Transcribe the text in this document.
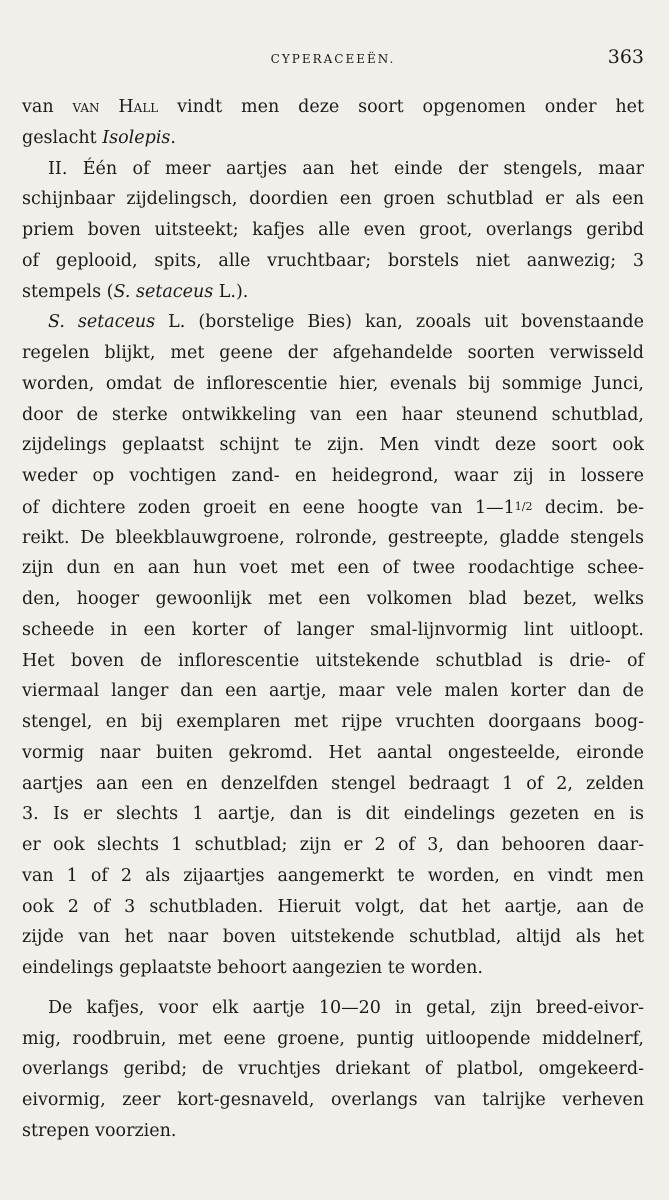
CYPERACEEËN.	363
van van Hall vindt men deze soort opgenomen onder het
geslacht Isolepis.
II. Één of meer aartjes aan het einde der stengels, maar
schijnbaar zijdelingsch, doordien een groen schutblad er als een
priem boven uitsteekt; kafjes alle even groot, overlangs geribd
of geplooid, spits, alle vruchtbaar; borstels niet aanwezig; 3
stempels (S. setaceus L.).
S. setaceus L. (borstelige Bies) kan, zooals uit bovenstaande
regelen blijkt, met geene der afgehandelde soorten verwisseld
worden, omdat de inflorescentie hier, evenals bij sommige Junci,
door de sterke ontwikkeling van een haar steunend schutblad,
zijdelings geplaatst schijnt te zijn. Men vindt deze soort ook
weder op vochtigen zand- en heidegrond, waar zij in lossere
of dichtere zoden groeit en eene hoogte van 1—11/2 decim. be-
reikt. De bleekblauwgroene, rolronde, gestreepte, gladde stengels
zijn dun en aan hun voet met een of twee roodachtige schee-
den, hooger gewoonlijk met een volkomen blad bezet, welks
scheede in een korter of langer smal-lijnvormig lint uitloopt.
Het boven de inflorescentie uitstekende schutblad is drie- of
viermaal langer dan een aartje, maar vele malen korter dan de
stengel, en bij exemplaren met rijpe vruchten doorgaans boog-
vormig naar buiten gekromd. Het aantal ongesteelde, eironde
aartjes aan een en denzelfden stengel bedraagt 1 of 2, zelden
3. Is er slechts 1 aartje, dan is dit eindelings gezeten en is
er ook slechts 1 schutblad; zijn er 2 of 3, dan behooren daar-
van 1 of 2 als zijaartjes aangemerkt te worden, en vindt men
ook 2 of 3 schutbladen. Hieruit volgt, dat het aartje, aan de
zijde van het naar boven uitstekende schutblad, altijd als het
eindelings geplaatste behoort aangezien te worden.
De kafjes, voor elk aartje 10—20 in getal, zijn breed-eivor-
mig, roodbruin, met eene groene, puntig uitloopende middelnerf,
overlangs geribd; de vruchtjes driekant of platbol, omgekeerd-
eivormig, zeer kort-gesnaveld, overlangs van talrijke verheven
strepen voorzien.
